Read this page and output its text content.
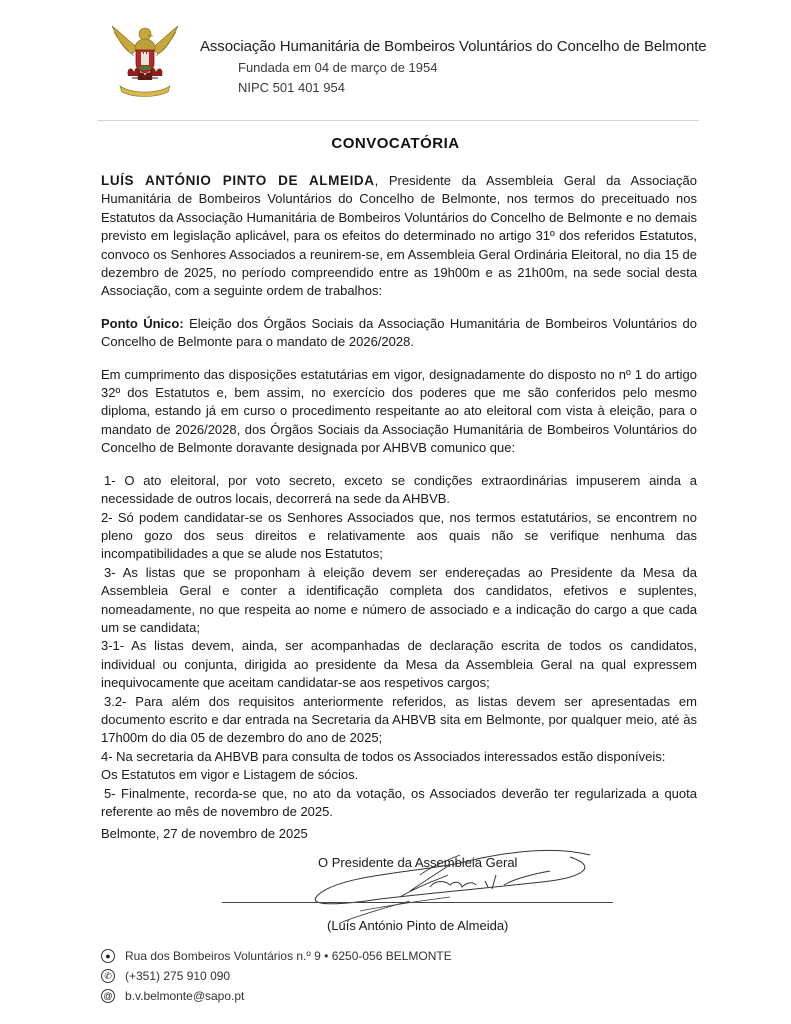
Associação Humanitária de Bombeiros Voluntários do Concelho de Belmonte
Fundada em 04 de março de 1954
NIPC 501 401 954
CONVOCATÓRIA

LUÍS ANTÓNIO PINTO DE ALMEIDA, Presidente da Assembleia Geral da Associação Humanitária de Bombeiros Voluntários do Concelho de Belmonte, nos termos do preceituado nos Estatutos da Associação Humanitária de Bombeiros Voluntários do Concelho de Belmonte e no demais previsto em legislação aplicável, para os efeitos do determinado no artigo 31º dos referidos Estatutos, convoco os Senhores Associados a reunirem-se, em Assembleia Geral Ordinária Eleitoral, no dia 15 de dezembro de 2025, no período compreendido entre as 19h00m e as 21h00m, na sede social desta Associação, com a seguinte ordem de trabalhos:

Ponto Único: Eleição dos Órgãos Sociais da Associação Humanitária de Bombeiros Voluntários do Concelho de Belmonte para o mandato de 2026/2028.

Em cumprimento das disposições estatutárias em vigor, designadamente do disposto no nº 1 do artigo 32º dos Estatutos e, bem assim, no exercício dos poderes que me são conferidos pelo mesmo diploma, estando já em curso o procedimento respeitante ao ato eleitoral com vista à eleição, para o mandato de 2026/2028, dos Órgãos Sociais da Associação Humanitária de Bombeiros Voluntários do Concelho de Belmonte doravante designada por AHBVB comunico que:

1- O ato eleitoral, por voto secreto, exceto se condições extraordinárias impuserem ainda a necessidade de outros locais, decorrerá na sede da AHBVB.

2- Só podem candidatar-se os Senhores Associados que, nos termos estatutários, se encontrem no pleno gozo dos seus direitos e relativamente aos quais não se verifique nenhuma das incompatibilidades a que se alude nos Estatutos;

3- As listas que se proponham à eleição devem ser endereçadas ao Presidente da Mesa da Assembleia Geral e conter a identificação completa dos candidatos, efetivos e suplentes, nomeadamente, no que respeita ao nome e número de associado e a indicação do cargo a que cada um se candidata;

3-1- As listas devem, ainda, ser acompanhadas de declaração escrita de todos os candidatos, individual ou conjunta, dirigida ao presidente da Mesa da Assembleia Geral na qual expressem inequivocamente que aceitam candidatar-se aos respetivos cargos;

3.2- Para além dos requisitos anteriormente referidos, as listas devem ser apresentadas em documento escrito e dar entrada na Secretaria da AHBVB sita em Belmonte, por qualquer meio, até às 17h00m do dia 05 de dezembro do ano de 2025;

4- Na secretaria da AHBVB para consulta de todos os Associados interessados estão disponíveis:

Os Estatutos em vigor e Listagem de sócios.

5- Finalmente, recorda-se que, no ato da votação, os Associados deverão ter regularizada a quota referente ao mês de novembro de 2025.

Belmonte, 27 de novembro de 2025
O Presidente da Assembleia Geral
(Luís António Pinto de Almeida)
●	Rua dos Bombeiros Voluntários n.º 9 • 6250-056 BELMONTE
✆ (+351) 275 910 090
@ b.v.belmonte@sapo.pt
